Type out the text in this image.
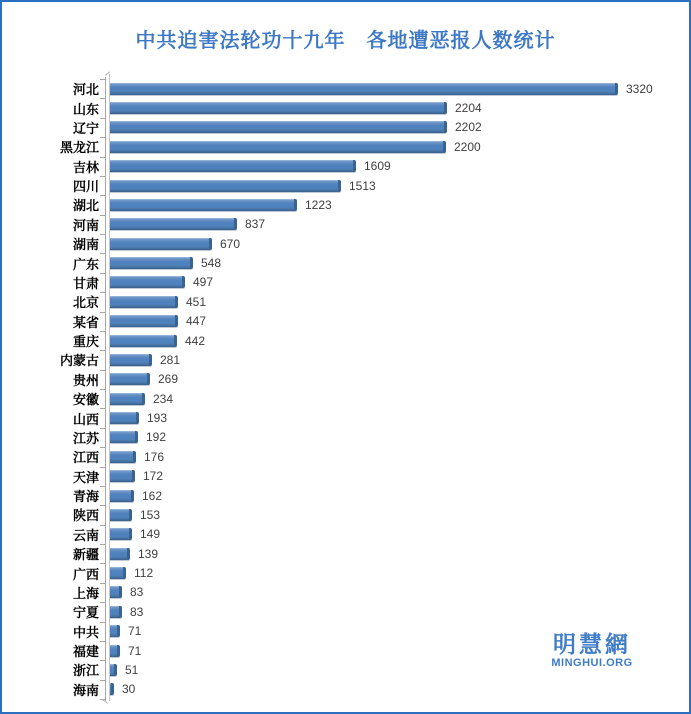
中共迫害法轮功十九年　各地遭恶报人数统计
河北	3320
山东	2204
辽宁	2202
黑龙江	2200
吉林	1609
四川	1513
湖北	1223
河南	837
湖南	670
广东	548
甘肃	497
北京	451
某省	447
重庆	442
内蒙古	281
贵州	269
安徽	234
山西	193
江苏	192
江西	176
天津	172
青海	162
陕西	153
云南	149
新疆	139
广西	112
上海	83
宁夏	83
中共	71
福建	71
浙江	51
海南	30
明慧網
MINGHUI.ORG
